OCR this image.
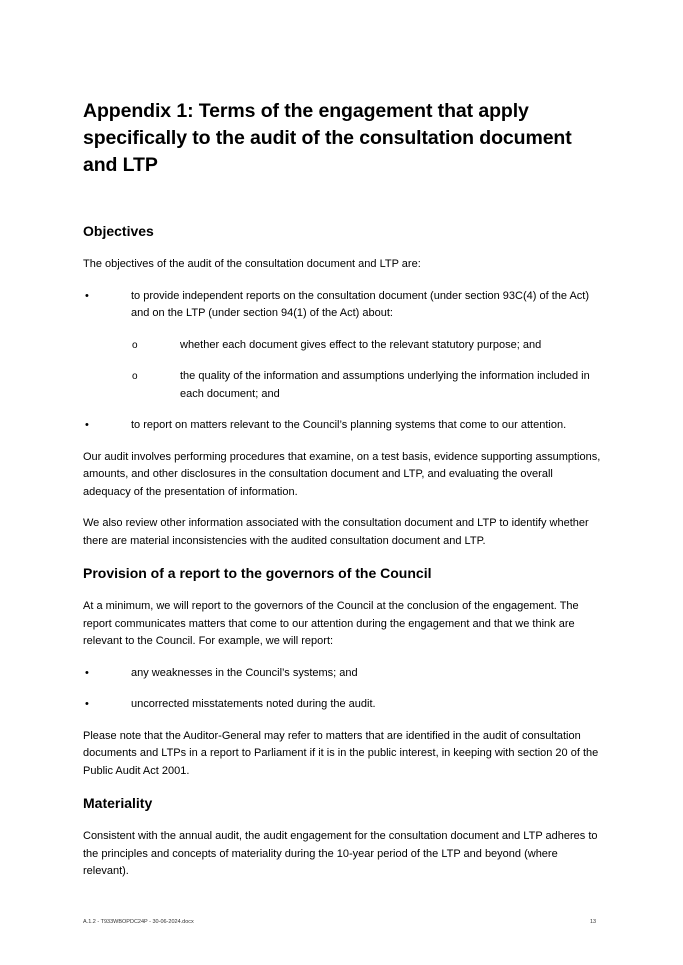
Appendix 1: Terms of the engagement that apply specifically to the audit of the consultation document and LTP
Objectives

The objectives of the audit of the consultation document and LTP are:

•	to provide independent reports on the consultation document (under section 93C(4) of the Act) and on the LTP (under section 94(1) of the Act) about:
o	whether each document gives effect to the relevant statutory purpose; and
o	the quality of the information and assumptions underlying the information included in each document; and
•	to report on matters relevant to the Council’s planning systems that come to our attention.

Our audit involves performing procedures that examine, on a test basis, evidence supporting assumptions, amounts, and other disclosures in the consultation document and LTP, and evaluating the overall adequacy of the presentation of information.

We also review other information associated with the consultation document and LTP to identify whether there are material inconsistencies with the audited consultation document and LTP.

Provision of a report to the governors of the Council

At a minimum, we will report to the governors of the Council at the conclusion of the engagement. The report communicates matters that come to our attention during the engagement and that we think are relevant to the Council. For example, we will report:

•	any weaknesses in the Council’s systems; and
•	uncorrected misstatements noted during the audit.

Please note that the Auditor-General may refer to matters that are identified in the audit of consultation documents and LTPs in a report to Parliament if it is in the public interest, in keeping with section 20 of the Public Audit Act 2001.

Materiality

Consistent with the annual audit, the audit engagement for the consultation document and LTP adheres to the principles and concepts of materiality during the 10-year period of the LTP and beyond (where relevant).

A.1.2 - T933WBOPDC24P - 30-06-2024.docx	13
